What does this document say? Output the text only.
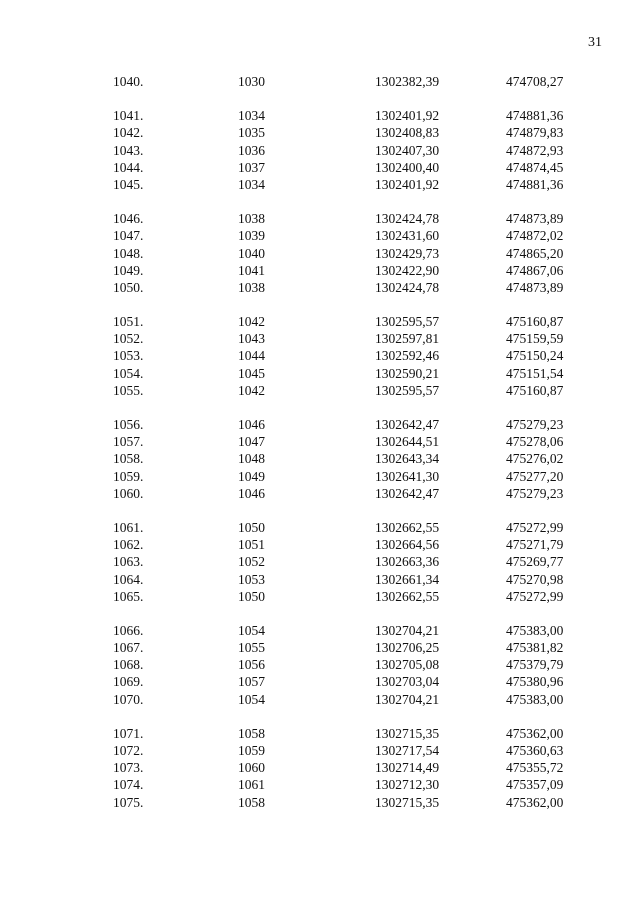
31
1040.	1030	1302382,39	474708,27
1041.	1034	1302401,92	474881,36
1042.	1035	1302408,83	474879,83
1043.	1036	1302407,30	474872,93
1044.	1037	1302400,40	474874,45
1045.	1034	1302401,92	474881,36
1046.	1038	1302424,78	474873,89
1047.	1039	1302431,60	474872,02
1048.	1040	1302429,73	474865,20
1049.	1041	1302422,90	474867,06
1050.	1038	1302424,78	474873,89
1051.	1042	1302595,57	475160,87
1052.	1043	1302597,81	475159,59
1053.	1044	1302592,46	475150,24
1054.	1045	1302590,21	475151,54
1055.	1042	1302595,57	475160,87
1056.	1046	1302642,47	475279,23
1057.	1047	1302644,51	475278,06
1058.	1048	1302643,34	475276,02
1059.	1049	1302641,30	475277,20
1060.	1046	1302642,47	475279,23
1061.	1050	1302662,55	475272,99
1062.	1051	1302664,56	475271,79
1063.	1052	1302663,36	475269,77
1064.	1053	1302661,34	475270,98
1065.	1050	1302662,55	475272,99
1066.	1054	1302704,21	475383,00
1067.	1055	1302706,25	475381,82
1068.	1056	1302705,08	475379,79
1069.	1057	1302703,04	475380,96
1070.	1054	1302704,21	475383,00
1071.	1058	1302715,35	475362,00
1072.	1059	1302717,54	475360,63
1073.	1060	1302714,49	475355,72
1074.	1061	1302712,30	475357,09
1075.	1058	1302715,35	475362,00
